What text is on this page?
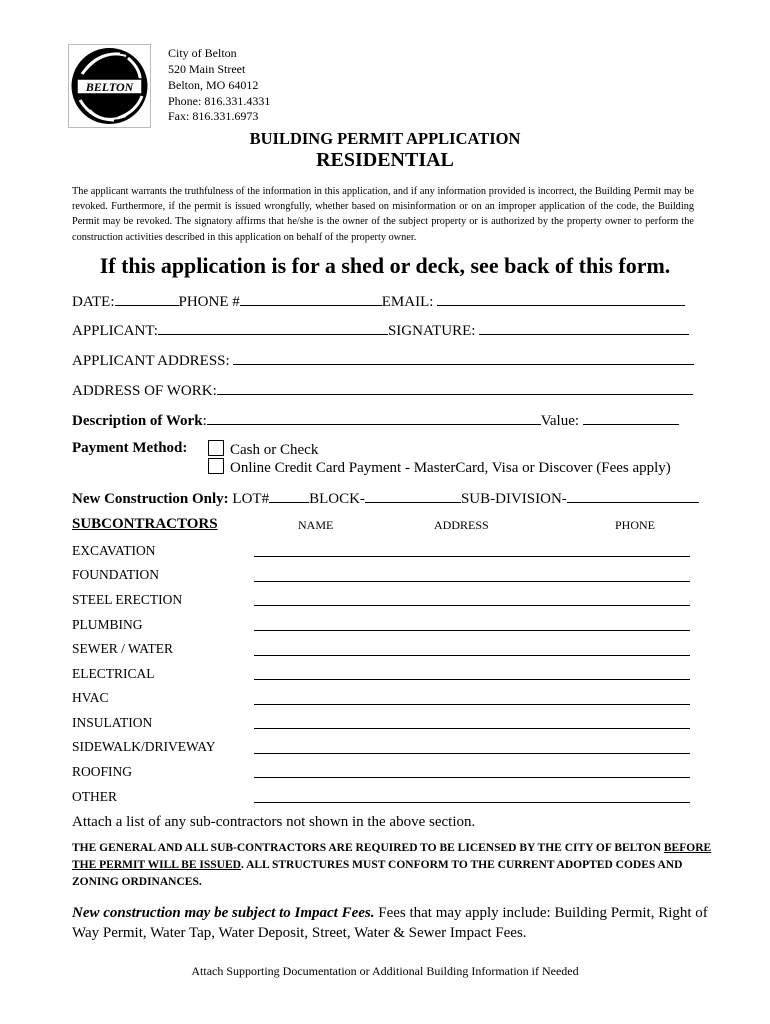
BELTON
City of Belton
520 Main Street
Belton, MO 64012
Phone: 816.331.4331
Fax: 816.331.6973
BUILDING PERMIT APPLICATION
RESIDENTIAL
The applicant warrants the truthfulness of the information in this application, and if any information provided is incorrect, the Building Permit may be revoked. Furthermore, if the permit is issued wrongfully, whether based on misinformation or on an improper application of the code, the Building Permit may be revoked. The signatory affirms that he/she is the owner of the subject property or is authorized by the property owner to perform the construction activities described in this application on behalf of the property owner.
If this application is for a shed or deck, see back of this form.
DATE:	PHONE #	EMAIL:
APPLICANT:	SIGNATURE:
APPLICANT ADDRESS:
ADDRESS OF WORK:
Description of Work:	Value:
Payment Method:	Cash or Check
Online Credit Card Payment - MasterCard, Visa or Discover (Fees apply)
New Construction Only: LOT#	BLOCK-	SUB-DIVISION-
SUBCONTRACTORS	NAME	ADDRESS	PHONE
EXCAVATION
FOUNDATION
STEEL ERECTION
PLUMBING
SEWER / WATER
ELECTRICAL
HVAC
INSULATION
SIDEWALK/DRIVEWAY
ROOFING
OTHER
Attach a list of any sub-contractors not shown in the above section.
THE GENERAL AND ALL SUB-CONTRACTORS ARE REQUIRED TO BE LICENSED BY THE CITY OF BELTON BEFORE THE PERMIT WILL BE ISSUED. ALL STRUCTURES MUST CONFORM TO THE CURRENT ADOPTED CODES AND ZONING ORDINANCES.
New construction may be subject to Impact Fees. Fees that may apply include: Building Permit, Right of Way Permit, Water Tap, Water Deposit, Street, Water & Sewer Impact Fees.
Attach Supporting Documentation or Additional Building Information if Needed
